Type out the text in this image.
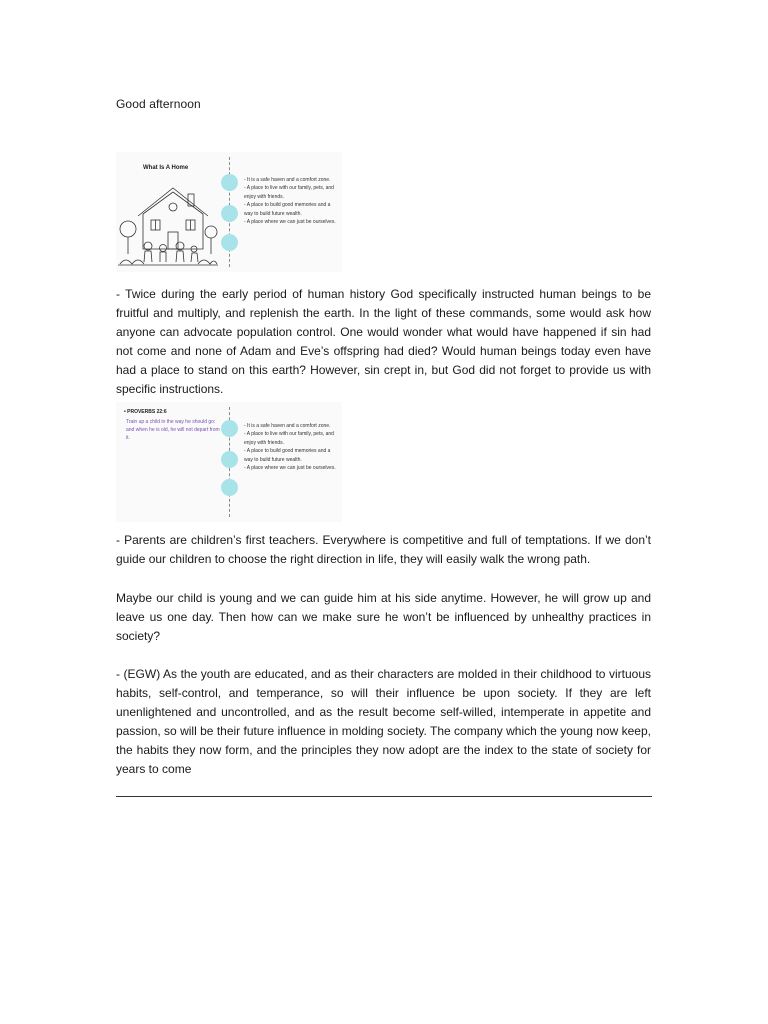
Good afternoon
What Is A Home
- It is a safe haven and a comfort zone.
- A place to live with our family, pets, and enjoy with friends.
- A place to build good memories and a way to build future wealth.
- A place where we can just be ourselves.

- Twice during the early period of human history God specifically instructed human beings to be fruitful and multiply, and replenish the earth. In the light of these commands, some would ask how anyone can advocate population control. One would wonder what would have happened if sin had not come and none of Adam and Eve’s offspring had died? Would human beings today even have had a place to stand on this earth? However, sin crept in, but God did not forget to provide us with specific instructions.

• PROVERBS 22:6
Train up a child in the way he should go: and when he is old, he will not depart from it.
- It is a safe haven and a comfort zone.
- A place to live with our family, pets, and enjoy with friends.
- A place to build good memories and a way to build future wealth.
- A place where we can just be ourselves.

- Parents are children’s first teachers. Everywhere is competitive and full of temptations. If we don’t guide our children to choose the right direction in life, they will easily walk the wrong path.

Maybe our child is young and we can guide him at his side anytime. However, he will grow up and leave us one day. Then how can we make sure he won’t be influenced by unhealthy practices in society?

- (EGW) As the youth are educated, and as their characters are molded in their childhood to virtuous habits, self-control, and temperance, so will their influence be upon society. If they are left unenlightened and uncontrolled, and as the result become self-willed, intemperate in appetite and passion, so will be their future influence in molding society. The company which the young now keep, the habits they now form, and the principles they now adopt are the index to the state of society for years to come
